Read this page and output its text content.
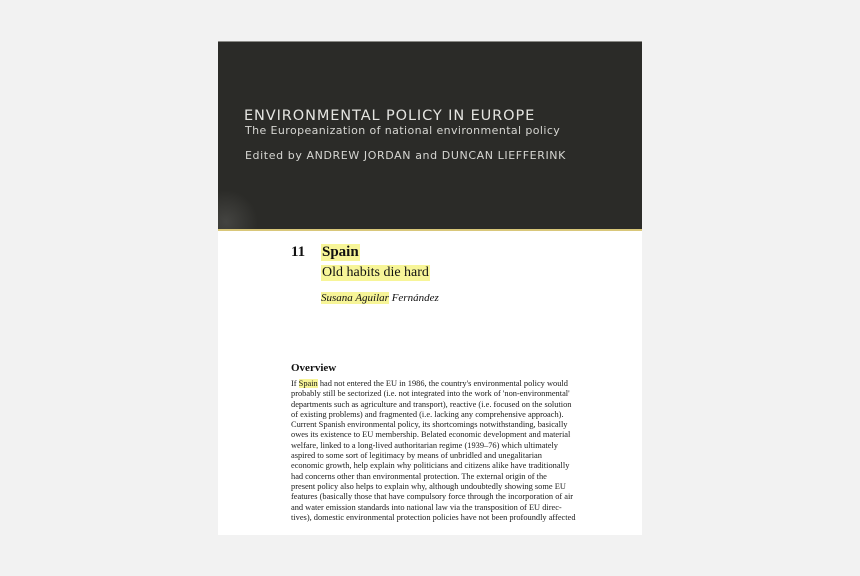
ENVIRONMENTAL POLICY IN EUROPE
The Europeanization of national environmental policy
Edited by ANDREW JORDAN and DUNCAN LIEFFERINK
11 Spain
Old habits die hard
Susana Aguilar Fernández
Overview
If Spain had not entered the EU in 1986, the country's environmental policy would
probably still be sectorized (i.e. not integrated into the work of 'non-environmental'
departments such as agriculture and transport), reactive (i.e. focused on the solution
of existing problems) and fragmented (i.e. lacking any comprehensive approach).
Current Spanish environmental policy, its shortcomings notwithstanding, basically
owes its existence to EU membership. Belated economic development and material
welfare, linked to a long-lived authoritarian regime (1939–76) which ultimately
aspired to some sort of legitimacy by means of unbridled and unegalitarian
economic growth, help explain why politicians and citizens alike have traditionally
had concerns other than environmental protection. The external origin of the
present policy also helps to explain why, although undoubtedly showing some EU
features (basically those that have compulsory force through the incorporation of air
and water emission standards into national law via the transposition of EU direc-
tives), domestic environmental protection policies have not been profoundly affected
